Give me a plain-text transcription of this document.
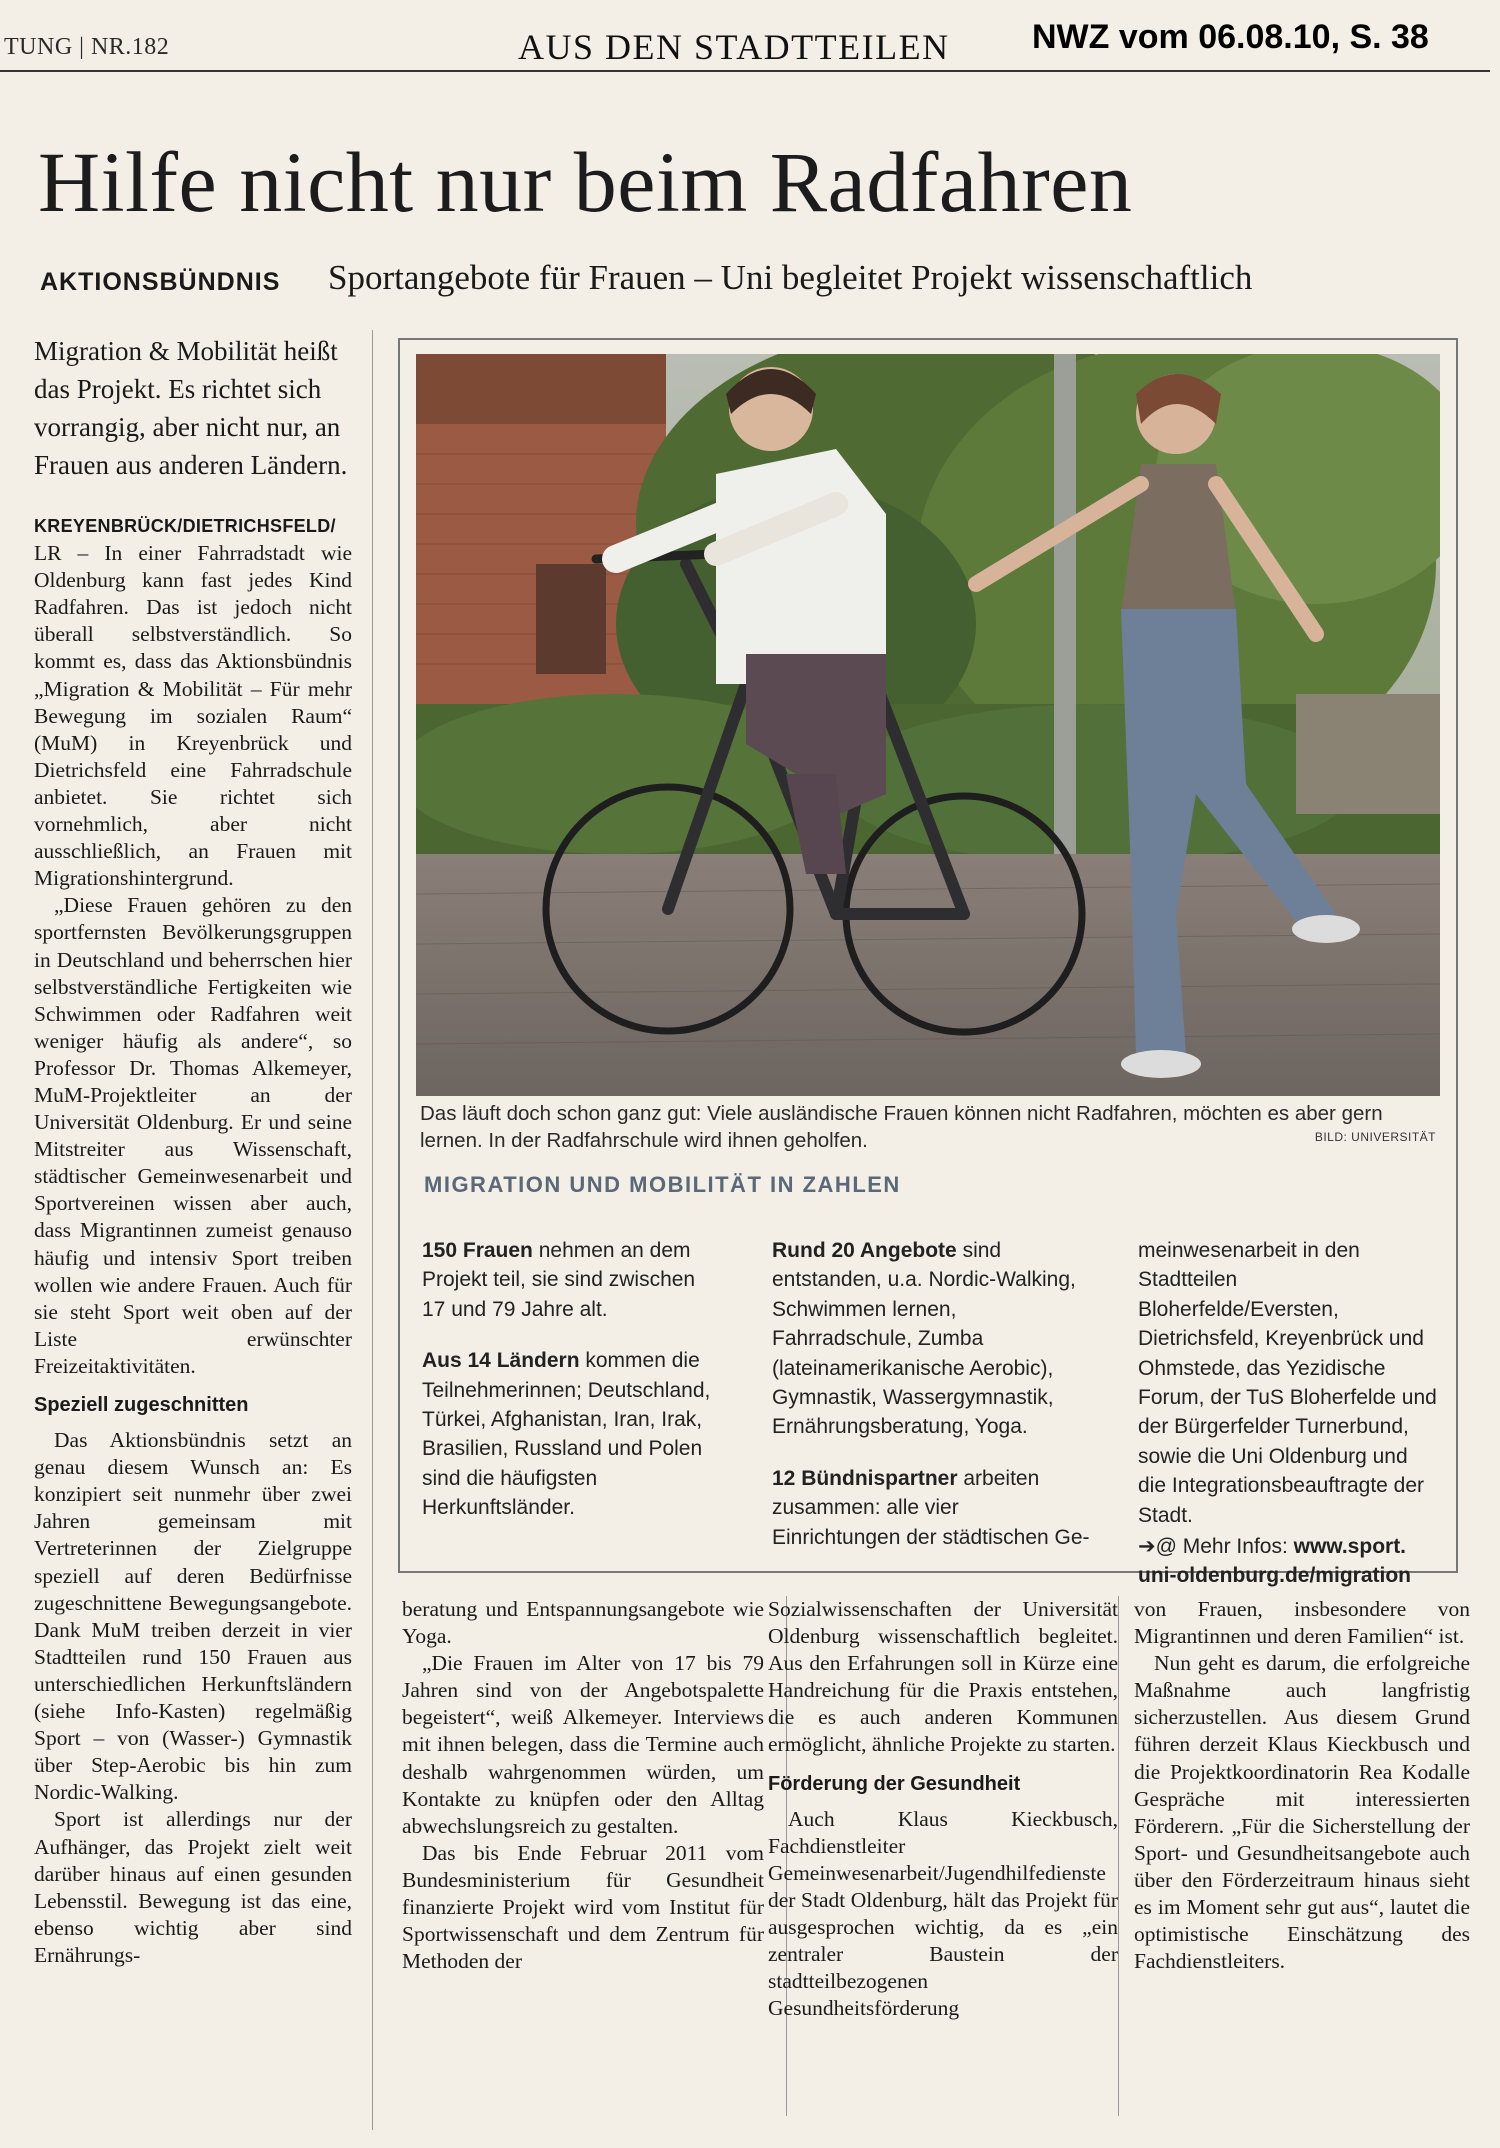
TUNG | NR.182	AUS DEN STADTTEILEN NWZ vom 06.08.10, S. 38
Hilfe nicht nur beim Radfahren
AKTIONSBÜNDNIS Sportangebote für Frauen – Uni begleitet Projekt wissenschaftlich
Migration & Mobilität heißt das Projekt. Es richtet sich vorrangig, aber nicht nur, an Frauen aus anderen Ländern.

KREYENBRÜCK/DIETRICHSFELD/ LR – In einer Fahrradstadt wie Oldenburg kann fast jedes Kind Radfahren. Das ist jedoch nicht überall selbstverständlich. So kommt es, dass das Aktionsbündnis „Migration & Mobilität – Für mehr Bewegung im sozialen Raum“ (MuM) in Kreyenbrück und Dietrichsfeld eine Fahrradschule anbietet. Sie richtet sich vornehmlich, aber nicht ausschließlich, an Frauen mit Migrationshintergrund.

„Diese Frauen gehören zu den sportfernsten Bevölkerungsgruppen in Deutschland und beherrschen hier selbstverständliche Fertigkeiten wie Schwimmen oder Radfahren weit weniger häufig als andere“, so Professor Dr. Thomas Alkemeyer, MuM-Projektleiter an der Universität Oldenburg. Er und seine Mitstreiter aus Wissenschaft, städtischer Gemeinwesenarbeit und Sportvereinen wissen aber auch, dass Migrantinnen zumeist genauso häufig und intensiv Sport treiben wollen wie andere Frauen. Auch für sie steht Sport weit oben auf der Liste erwünschter Freizeitaktivitäten.

Speziell zugeschnitten

Das Aktionsbündnis setzt an genau diesem Wunsch an: Es konzipiert seit nunmehr über zwei Jahren gemeinsam mit Vertreterinnen der Zielgruppe speziell auf deren Bedürfnisse zugeschnittene Bewegungsangebote. Dank MuM treiben derzeit in vier Stadtteilen rund 150 Frauen aus unterschiedlichen Herkunftsländern (siehe Info-Kasten) regelmäßig Sport – von (Wasser-) Gymnastik über Step-Aerobic bis hin zum Nordic-Walking.

Sport ist allerdings nur der Aufhänger, das Projekt zielt weit darüber hinaus auf einen gesunden Lebensstil. Bewegung ist das eine, ebenso wichtig aber sind Ernährungs-

Das läuft doch schon ganz gut: Viele ausländische Frauen können nicht Radfahren, möchten es aber gern lernen. In der Radfahrschule wird ihnen geholfen.	BILD: UNIVERSITÄT
MIGRATION UND MOBILITÄT IN ZAHLEN

150 Frauen nehmen an dem Projekt teil, sie sind zwischen 17 und 79 Jahre alt.

Aus 14 Ländern kommen die Teilnehmerinnen; Deutschland, Türkei, Afghanistan, Iran, Irak, Brasilien, Russland und Polen sind die häufigsten Herkunftsländer.

Rund 20 Angebote sind entstanden, u.a. Nordic-Walking, Schwimmen lernen, Fahrradschule, Zumba (lateinamerikanische Aerobic), Gymnastik, Wassergymnastik, Ernährungsberatung, Yoga.

12 Bündnispartner arbeiten zusammen: alle vier Einrichtungen der städtischen Ge-

meinwesenarbeit in den Stadtteilen Bloherfelde/Eversten, Dietrichsfeld, Kreyenbrück und Ohmstede, das Yezidische Forum, der TuS Bloherfelde und der Bürgerfelder Turnerbund, sowie die Uni Oldenburg und die Integrationsbeauftragte der Stadt.

➔@ Mehr Infos: www.sport.
uni-oldenburg.de/migration

beratung und Entspannungsangebote wie Yoga.

„Die Frauen im Alter von 17 bis 79 Jahren sind von der Angebotspalette begeistert“, weiß Alkemeyer. Interviews mit ihnen belegen, dass die Termine auch deshalb wahrgenommen würden, um Kontakte zu knüpfen oder den Alltag abwechslungsreich zu gestalten.

Das bis Ende Februar 2011 vom Bundesministerium für Gesundheit finanzierte Projekt wird vom Institut für Sportwissenschaft und dem Zentrum für Methoden der

Sozialwissenschaften der Universität Oldenburg wissenschaftlich begleitet. Aus den Erfahrungen soll in Kürze eine Handreichung für die Praxis entstehen, die es auch anderen Kommunen ermöglicht, ähnliche Projekte zu starten.

Förderung der Gesundheit

Auch Klaus Kieckbusch, Fachdienstleiter Gemeinwesenarbeit/Jugendhilfedienste der Stadt Oldenburg, hält das Projekt für ausgesprochen wichtig, da es „ein zentraler Baustein der stadtteilbezogenen Gesundheitsförderung

von Frauen, insbesondere von Migrantinnen und deren Familien“ ist.

Nun geht es darum, die erfolgreiche Maßnahme auch langfristig sicherzustellen. Aus diesem Grund führen derzeit Klaus Kieckbusch und die Projektkoordinatorin Rea Kodalle Gespräche mit interessierten Förderern. „Für die Sicherstellung der Sport- und Gesundheitsangebote auch über den Förderzeitraum hinaus sieht es im Moment sehr gut aus“, lautet die optimistische Einschätzung des Fachdienstleiters.
